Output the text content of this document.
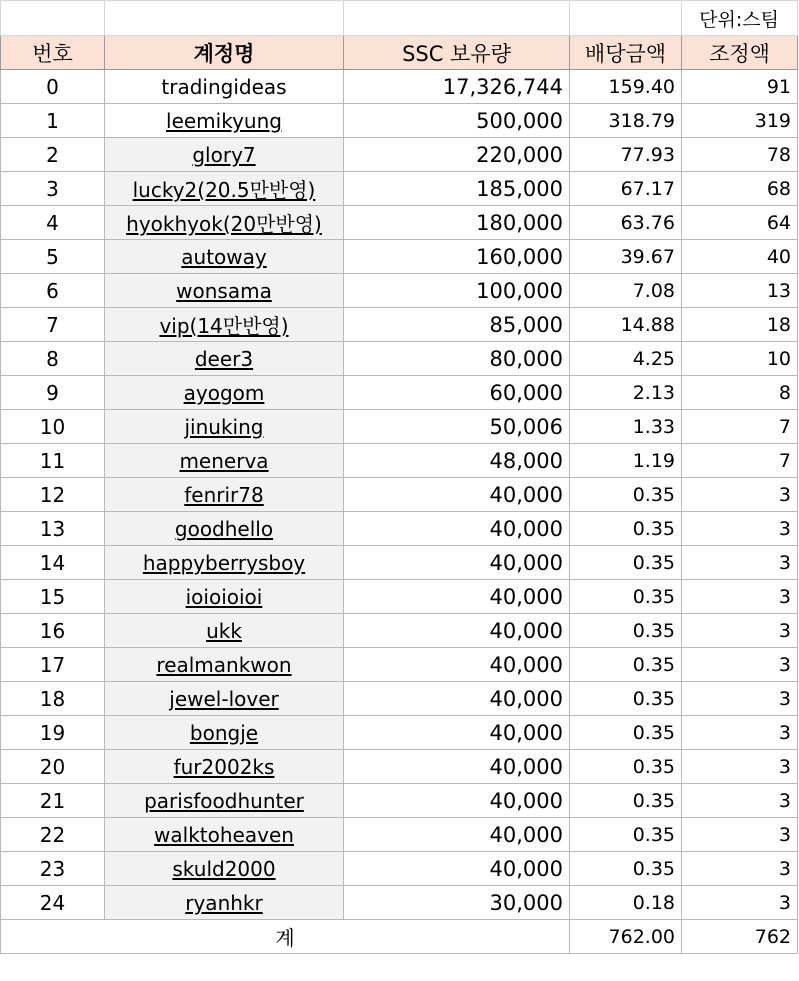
				단위:스팀
번호	계정명	SSC 보유량	배당금액	조정액
0	tradingideas	17,326,744	159.40	91
1	leemikyung	500,000	318.79	319
2	glory7	220,000	77.93	78
3	lucky2(20.5만반영)	185,000	67.17	68
4	hyokhyok(20만반영)	180,000	63.76	64
5	autoway	160,000	39.67	40
6	wonsama	100,000	7.08	13
7	vip(14만반영)	85,000	14.88	18
8	deer3	80,000	4.25	10
9	ayogom	60,000	2.13	8
10	jinuking	50,006	1.33	7
11	menerva	48,000	1.19	7
12	fenrir78	40,000	0.35	3
13	goodhello	40,000	0.35	3
14	happyberrysboy	40,000	0.35	3
15	ioioioioi	40,000	0.35	3
16	ukk	40,000	0.35	3
17	realmankwon	40,000	0.35	3
18	jewel-lover	40,000	0.35	3
19	bongje	40,000	0.35	3
20	fur2002ks	40,000	0.35	3
21	parisfoodhunter	40,000	0.35	3
22	walktoheaven	40,000	0.35	3
23	skuld2000	40,000	0.35	3
24	ryanhkr	30,000	0.18	3
계			762.00	762
